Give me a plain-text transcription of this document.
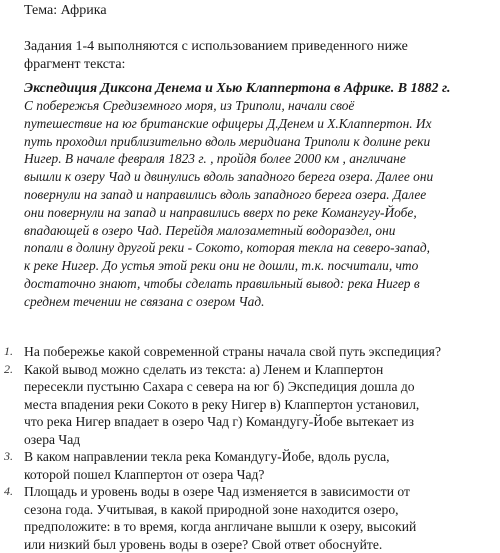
Тема: Африка
Задания 1-4 выполняются с использованием приведенного ниже
фрагмент текста:
Экспедиция Диксона Денема и Хью Клаппертона в Африке. В 1882 г.
С побережья Средиземного моря, из Триполи, начали своё
путешествие на юг британские офицеры Д.Денем и Х.Клаппертон. Их
путь проходил приблизительно вдоль меридиана Триполи к долине реки
Нигер. В начале февраля 1823 г. , пройдя более 2000 км , англичане
вышли к озеру Чад и двинулись вдоль западного берега озера. Далее они
повернули на запад и направились вдоль западного берега озера. Далее
они повернули на запад и направились вверх по реке Комангугу-Йобе,
впадающей в озеро Чад. Перейдя малозаметный водораздел, они
попали в долину другой реки - Сокото, которая текла на северо-запад,
к реке Нигер. До устья этой реки они не дошли, т.к. посчитали, что
достаточно знают, чтобы сделать правильный вывод: река Нигер в
среднем течении не связана с озером Чад.
1. На побережье какой современной страны начала свой путь экспедиция?
2. Какой вывод можно сделать из текста: а) Ленем и Клаппертон
пересекли пустыню Сахара с севера на юг б) Экспедиция дошла до
места впадения реки Сокото в реку Нигер в) Клаппертон установил,
что река Нигер впадает в озеро Чад г) Командугу-Йобе вытекает из
озера Чад
3. В каком направлении текла река Командугу-Йобе, вдоль русла,
которой пошел Клаппертон от озера Чад?
4. Площадь и уровень воды в озере Чад изменяется в зависимости от
сезона года. Учитывая, в какой природной зоне находится озеро,
предположите: в то время, когда англичане вышли к озеру, высокий
или низкий был уровень воды в озере? Свой ответ обоснуйте.
